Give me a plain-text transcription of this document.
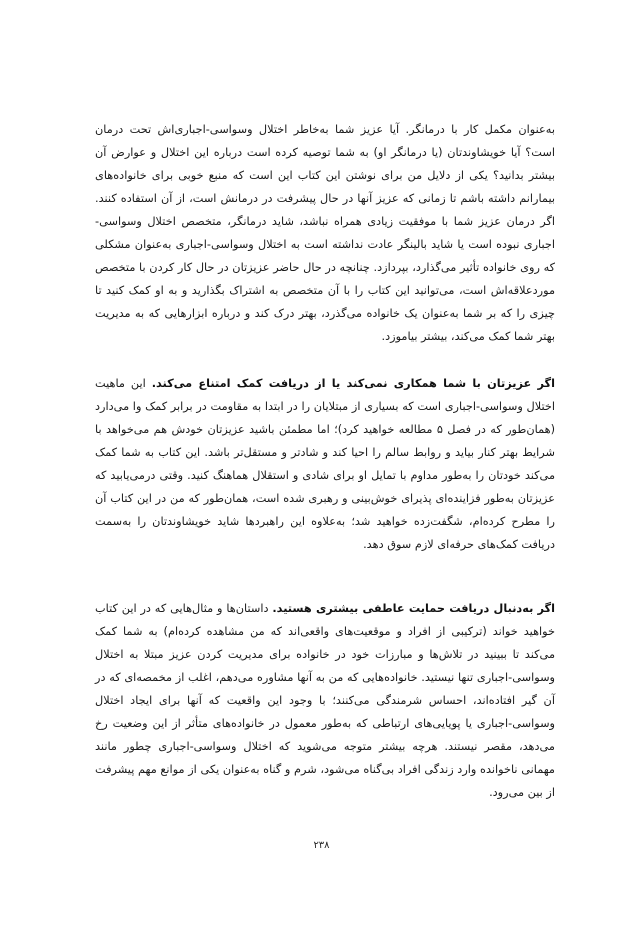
به‌عنوان مکمل کار با درمانگر. آیا عزیز شما به‌خاطر اختلال وسواسی-اجباری‌اش تحت درمان است؟ آیا خویشاوندتان (یا درمانگر او) به شما توصیه کرده است درباره این اختلال و عوارض آن بیشتر بدانید؟ یکی از دلایل من برای نوشتن این کتاب این است که منبع خوبی برای خانواده‌های بیمارانم داشته باشم تا زمانی که عزیز آنها در حال پیشرفت در درمانش است، از آن استفاده کنند. اگر درمان عزیز شما با موفقیت زیادی همراه نباشد، شاید درمانگر، متخصص اختلال وسواسی-اجباری نبوده است یا شاید بالینگر عادت نداشته است به اختلال وسواسی-اجباری به‌عنوان مشکلی که روی خانواده تأثیر می‌گذارد، بپردازد. چنانچه در حال حاضر عزیزتان در حال کار کردن با متخصص موردعلاقه‌اش است، می‌توانید این کتاب را با آن متخصص به اشتراک بگذارید و به او کمک کنید تا چیزی را که بر شما به‌عنوان یک خانواده می‌گذرد، بهتر درک کند و درباره ابزارهایی که به مدیریت بهتر شما کمک می‌کند، بیشتر بیاموزد.

اگر عزیزتان با شما همکاری نمی‌کند یا از دریافت کمک امتناع می‌کند. این ماهیت اختلال وسواسی-اجباری است که بسیاری از مبتلایان را در ابتدا به مقاومت در برابر کمک وا می‌دارد (همان‌طور که در فصل ۵ مطالعه خواهید کرد)؛ اما مطمئن باشید عزیزتان خودش هم می‌خواهد با شرایط بهتر کنار بیاید و روابط سالم را احیا کند و شادتر و مستقل‌تر باشد. این کتاب به شما کمک می‌کند خودتان را به‌طور مداوم با تمایل او برای شادی و استقلال هماهنگ کنید. وقتی درمی‌یابید که عزیزتان به‌طور فزاینده‌ای پذیرای خوش‌بینی و رهبری شده است، همان‌طور که من در این کتاب آن را مطرح کرده‌ام، شگفت‌زده خواهید شد؛ به‌علاوه این راهبردها شاید خویشاوندتان را به‌سمت دریافت کمک‌های حرفه‌ای لازم سوق دهد.

اگر به‌دنبال دریافت حمایت عاطفی بیشتری هستید. داستان‌ها و مثال‌هایی که در این کتاب خواهید خواند (ترکیبی از افراد و موقعیت‌های واقعی‌اند که من مشاهده کرده‌ام) به شما کمک می‌کند تا ببینید در تلاش‌ها و مبارزات خود در خانواده برای مدیریت کردن عزیز مبتلا به اختلال وسواسی-اجباری تنها نیستید. خانواده‌هایی که من به آنها مشاوره می‌دهم، اغلب از مخمصه‌ای که در آن گیر افتاده‌اند، احساس شرمندگی می‌کنند؛ با وجود این واقعیت که آنها برای ایجاد اختلال وسواسی-اجباری یا پویایی‌های ارتباطی که به‌طور معمول در خانواده‌های متأثر از این وضعیت رخ می‌دهد، مقصر نیستند. هرچه بیشتر متوجه می‌شوید که اختلال وسواسی-اجباری چطور مانند مهمانی ناخوانده وارد زندگی افراد بی‌گناه می‌شود، شرم و گناه به‌عنوان یکی از موانع مهم پیشرفت از بین می‌رود.

۲۳۸
